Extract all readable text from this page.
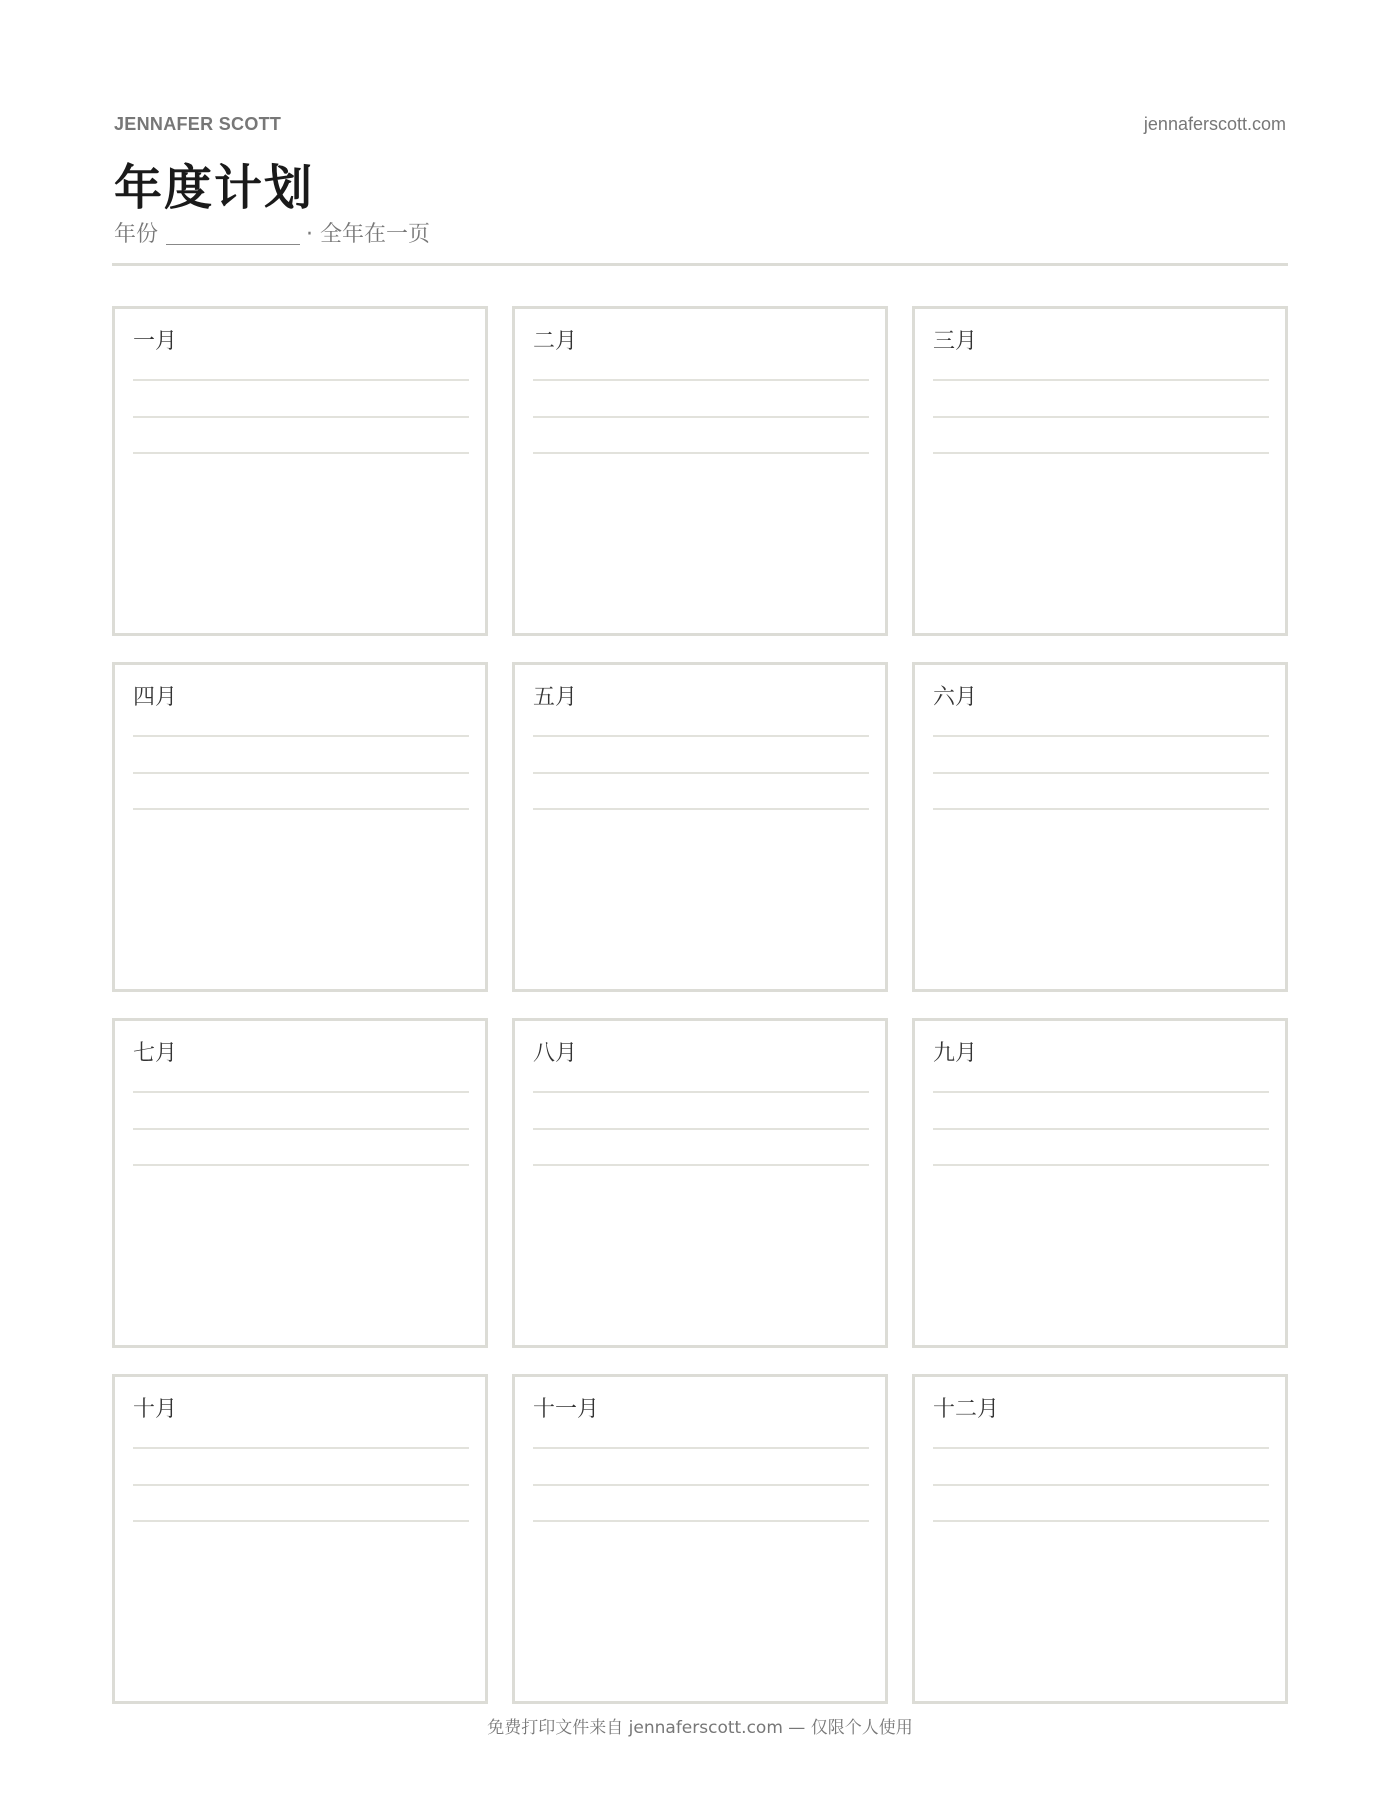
JENNAFER SCOTT	jennaferscott.com
年度计划
年份	· 全年在一页
一月	二月	三月
四月	五月	六月
七月	八月	九月
十月	十一月	十二月
免费打印文件来自 jennaferscott.com — 仅限个人使用
